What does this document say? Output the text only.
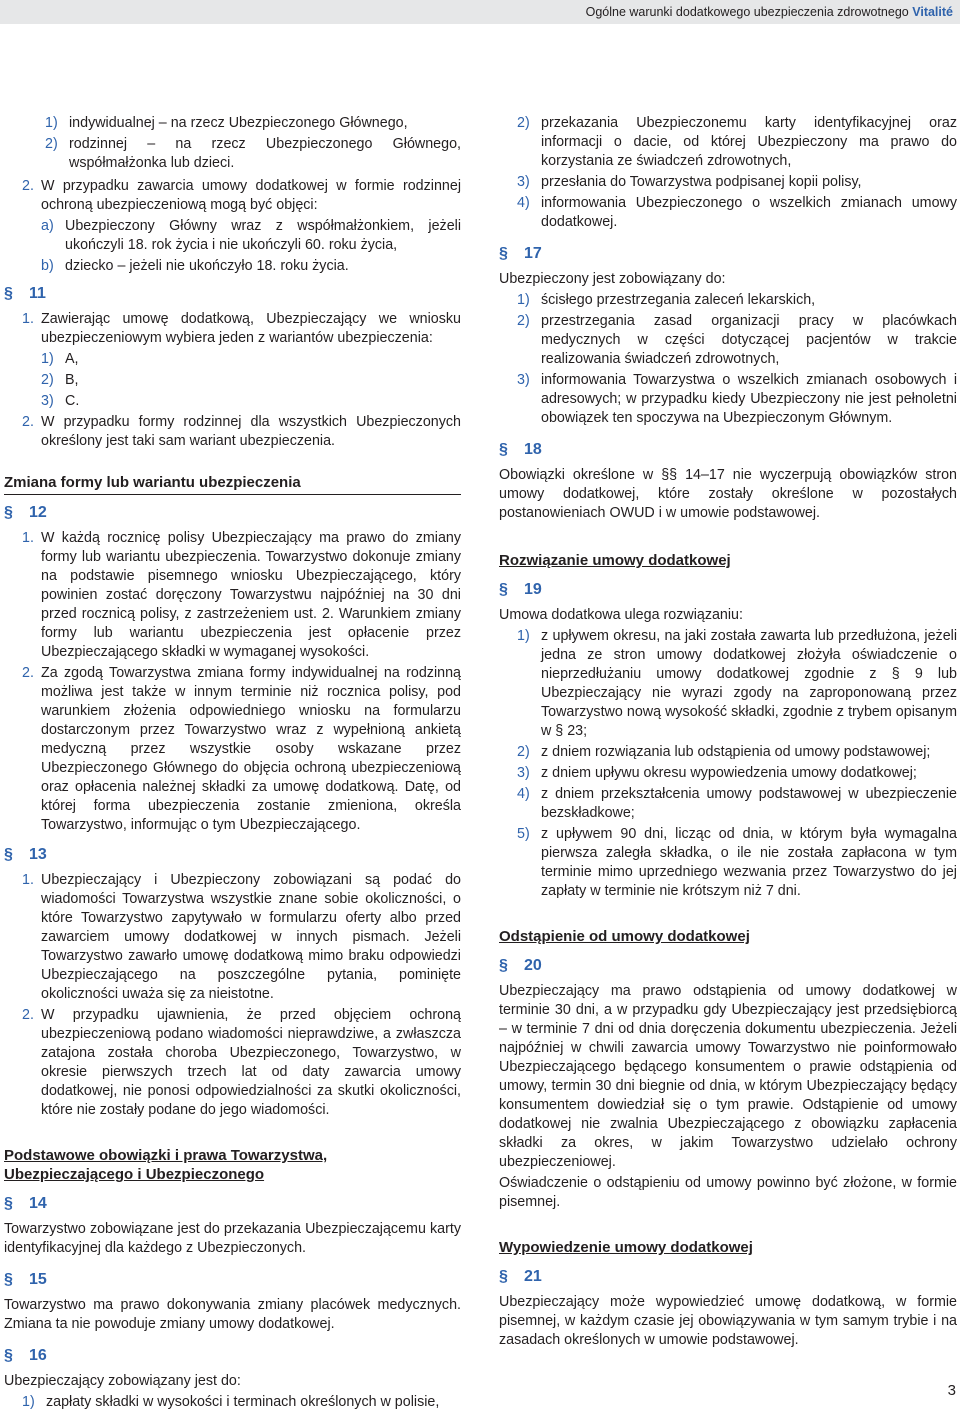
Ogólne warunki dodatkowego ubezpieczenia zdrowotnego Vitalité
1) indywidualnej – na rzecz Ubezpieczonego Głównego,
2) rodzinnej – na rzecz Ubezpieczonego Głównego, współmałżonka lub dzieci.
2. W przypadku zawarcia umowy dodatkowej w formie rodzinnej ochroną ubezpieczeniową mogą być objęci:
a) Ubezpieczony Główny wraz z współmałżonkiem, jeżeli ukończyli 18. rok życia i nie ukończyli 60. roku życia,
b) dziecko – jeżeli nie ukończyło 18. roku życia.
§	11
1. Zawierając umowę dodatkową, Ubezpieczający we wniosku ubezpieczeniowym wybiera jeden z wariantów ubezpieczenia:
1) A,
2) B,
3) C.
2. W przypadku formy rodzinnej dla wszystkich Ubezpieczonych określony jest taki sam wariant ubezpieczenia.
Zmiana formy lub wariantu ubezpieczenia
§	12
1. W każdą rocznicę polisy Ubezpieczający ma prawo do zmiany formy lub wariantu ubezpieczenia. Towarzystwo dokonuje zmiany na podstawie pisemnego wniosku Ubezpieczającego, który powinien zostać doręczony Towarzystwu najpóźniej na 30 dni przed rocznicą polisy, z zastrzeżeniem ust. 2. Warunkiem zmiany formy lub wariantu ubezpieczenia jest opłacenie przez Ubezpieczającego składki w wymaganej wysokości.
2. Za zgodą Towarzystwa zmiana formy indywidualnej na rodzinną możliwa jest także w innym terminie niż rocznica polisy, pod warunkiem złożenia odpowiedniego wniosku na formularzu dostarczonym przez Towarzystwo wraz z wypełnioną ankietą medyczną przez wszystkie osoby wskazane przez Ubezpieczonego Głównego do objęcia ochroną ubezpieczeniową oraz opłacenia należnej składki za umowę dodatkową. Datę, od której forma ubezpieczenia zostanie zmieniona, określa Towarzystwo, informując o tym Ubezpieczającego.
§	13
1. Ubezpieczający i Ubezpieczony zobowiązani są podać do wiadomości Towarzystwa wszystkie znane sobie okoliczności, o które Towarzystwo zapytywało w formularzu oferty albo przed zawarciem umowy dodatkowej w innych pismach. Jeżeli Towarzystwo zawarło umowę dodatkową mimo braku odpowiedzi Ubezpieczającego na poszczególne pytania, pominięte okoliczności uważa się za nieistotne.
2. W przypadku ujawnienia, że przed objęciem ochroną ubezpieczeniową podano wiadomości nieprawdziwe, a zwłaszcza zatajona została choroba Ubezpieczonego, Towarzystwo, w okresie pierwszych trzech lat od daty zawarcia umowy dodatkowej, nie ponosi odpowiedzialności za skutki okoliczności, które nie zostały podane do jego wiadomości.
Podstawowe obowiązki i prawa Towarzystwa,
Ubezpieczającego i Ubezpieczonego
§	14

Towarzystwo zobowiązane jest do przekazania Ubezpieczającemu karty identyfikacyjnej dla każdego z Ubezpieczonych.

§	15

Towarzystwo ma prawo dokonywania zmiany placówek medycznych. Zmiana ta nie powoduje zmiany umowy dodatkowej.

§	16

Ubezpieczający zobowiązany jest do:

1) zapłaty składki w wysokości i terminach określonych w polisie,
2) przekazania Ubezpieczonemu karty identyfikacyjnej oraz informacji o dacie, od której Ubezpieczony ma prawo do korzystania ze świadczeń zdrowotnych,
3) przesłania do Towarzystwa podpisanej kopii polisy,
4) informowania Ubezpieczonego o wszelkich zmianach umowy dodatkowej.
§	17

Ubezpieczony jest zobowiązany do:

1) ścisłego przestrzegania zaleceń lekarskich,
2) przestrzegania zasad organizacji pracy w placówkach medycznych w części dotyczącej pacjentów w trakcie realizowania świadczeń zdrowotnych,
3) informowania Towarzystwa o wszelkich zmianach osobowych i adresowych; w przypadku kiedy Ubezpieczony nie jest pełnoletni obowiązek ten spoczywa na Ubezpieczonym Głównym.
§	18

Obowiązki określone w §§ 14–17 nie wyczerpują obowiązków stron umowy dodatkowej, które zostały określone w pozostałych postanowieniach OWUD i w umowie podstawowej.

Rozwiązanie umowy dodatkowej
§	19

Umowa dodatkowa ulega rozwiązaniu:

1) z upływem okresu, na jaki została zawarta lub przedłużona, jeżeli jedna ze stron umowy dodatkowej złożyła oświadczenie o nieprzedłużaniu umowy dodatkowej zgodnie z § 9 lub Ubezpieczający nie wyrazi zgody na zaproponowaną przez Towarzystwo nową wysokość składki, zgodnie z trybem opisanym w § 23;
2) z dniem rozwiązania lub odstąpienia od umowy podstawowej;
3) z dniem upływu okresu wypowiedzenia umowy dodatkowej;
4) z dniem przekształcenia umowy podstawowej w ubezpieczenie bezskładkowe;
5) z upływem 90 dni, licząc od dnia, w którym była wymagalna pierwsza zaległa składka, o ile nie została zapłacona w tym terminie mimo uprzedniego wezwania przez Towarzystwo do jej zapłaty w terminie nie krótszym niż 7 dni.
Odstąpienie od umowy dodatkowej
§	20

Ubezpieczający ma prawo odstąpienia od umowy dodatkowej w terminie 30 dni, a w przypadku gdy Ubezpieczający jest przedsiębiorcą – w terminie 7 dni od dnia doręczenia dokumentu ubezpieczenia. Jeżeli najpóźniej w chwili zawarcia umowy Towarzystwo nie poinformowało Ubezpieczającego będącego konsumentem o prawie odstąpienia od umowy, termin 30 dni biegnie od dnia, w którym Ubezpieczający będący konsumentem dowiedział się o tym prawie. Odstąpienie od umowy dodatkowej nie zwalnia Ubezpieczającego z obowiązku zapłacenia składki za okres, w jakim Towarzystwo udzielało ochrony ubezpieczeniowej.

Oświadczenie o odstąpieniu od umowy powinno być złożone, w formie pisemnej.

Wypowiedzenie umowy dodatkowej
§	21

Ubezpieczający może wypowiedzieć umowę dodatkową, w formie pisemnej, w każdym czasie jej obowiązywania w tym samym trybie i na zasadach określonych w umowie podstawowej.

3
